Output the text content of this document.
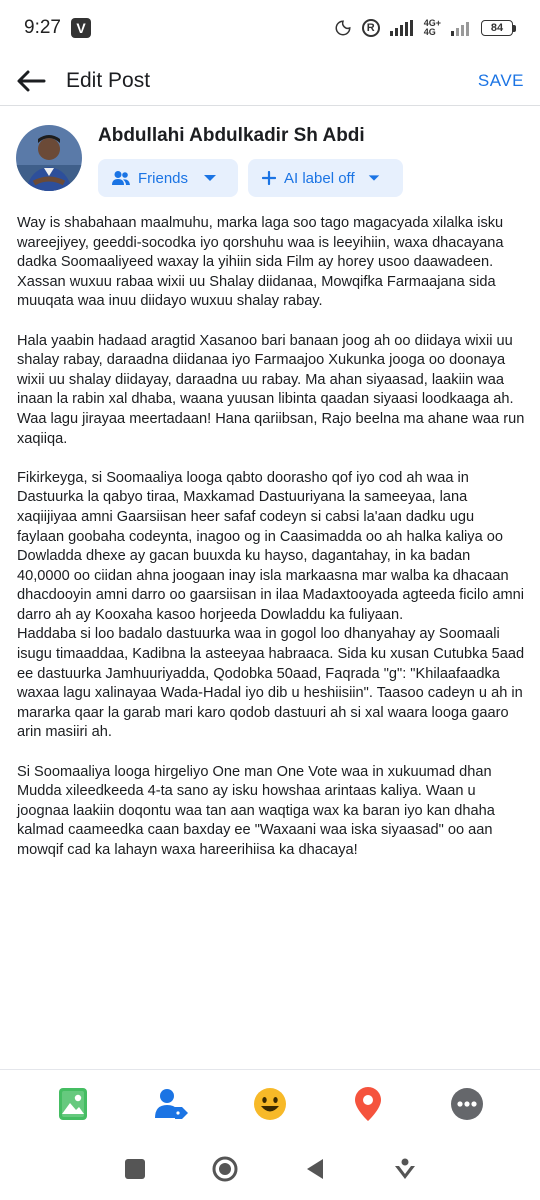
9:27	V	R	4G+
4G	84
Edit Post	SAVE
Abdullahi Abdulkadir Sh Abdi
Friends	AI label off

Way is shabahaan maalmuhu, marka laga soo tago magacyada xilalka isku wareejiyey, geeddi-socodka iyo qorshuhu waa is leeyihiin, waxa dhacayana dadka Soomaaliyeed waxay la yihiin sida Film ay horey usoo daawadeen. Xassan wuxuu rabaa wixii uu Shalay diidanaa, Mowqifka Farmaajana sida muuqata waa inuu diidayo wuxuu shalay rabay.

Hala yaabin hadaad aragtid Xasanoo bari banaan joog ah oo diidaya wixii uu shalay rabay, daraadna diidanaa iyo Farmaajoo Xukunka jooga oo doonaya wixii uu shalay diidayay, daraadna uu rabay. Ma ahan siyaasad, laakiin waa inaan la rabin xal dhaba, waana yuusan libinta qaadan siyaasi loodkaaga ah. Waa lagu jirayaa meertadaan! Hana qariibsan, Rajo beelna ma ahane waa run xaqiiqa.

Fikirkeyga, si Soomaaliya looga qabto doorasho qof iyo cod ah waa in Dastuurka la qabyo tiraa, Maxkamad Dastuuriyana la sameeyaa, lana xaqiijiyaa amni Gaarsiisan heer safaf codeyn si cabsi la'aan dadku ugu faylaan goobaha codeynta, inagoo og in Caasimadda oo ah halka kaliya oo Dowladda dhexe ay gacan buuxda ku hayso, dagantahay, in ka badan 40,0000 oo ciidan ahna joogaan inay isla markaasna mar walba ka dhacaan dhacdooyin amni darro oo gaarsiisan in ilaa Madaxtooyada agteeda ficilo amni darro ah ay Kooxaha kasoo horjeeda Dowladdu ka fuliyaan.
Haddaba si loo badalo dastuurka waa in gogol loo dhanyahay ay Soomaali isugu timaaddaa, Kadibna la asteeyaa habraaca. Sida ku xusan Cutubka 5aad ee dastuurka Jamhuuriyadda, Qodobka 50aad, Faqrada "g": "Khilaafaadka waxaa lagu xalinayaa Wada-Hadal iyo dib u heshiisiin". Taasoo cadeyn u ah in mararka qaar la garab mari karo qodob dastuuri ah si xal waara looga gaaro arin masiiri ah.

Si Soomaaliya looga hirgeliyo One man One Vote waa in xukuumad dhan Mudda xileedkeeda 4-ta sano ay isku howshaa arintaas kaliya. Waan u joognaa laakiin doqontu waa tan aan waqtiga wax ka baran iyo kan dhaha kalmad caameedka caan baxday ee "Waxaani waa iska siyaasad" oo aan mowqif cad ka lahayn waxa hareerihiisa ka dhacaya!
